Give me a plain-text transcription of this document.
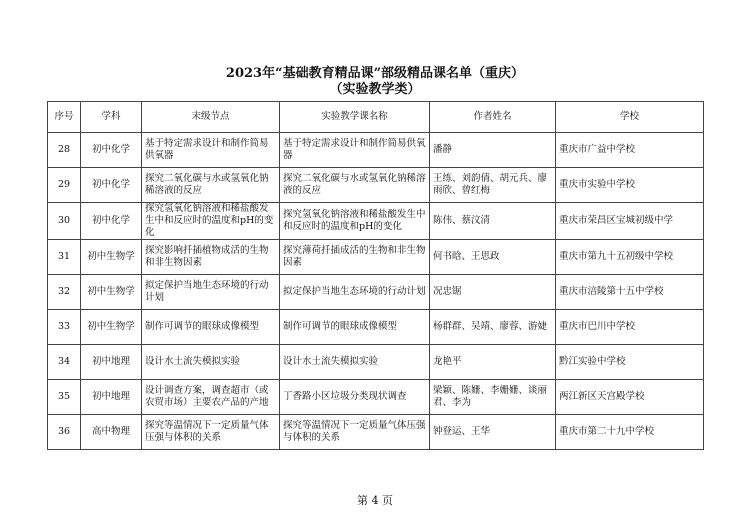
2023年“基础教育精品课”部级精品课名单（重庆）
（实验教学类）
序号	学科	末级节点	实验教学课名称	作者姓名	学校
28	初中化学	基于特定需求设计和制作简易供氧器	基于特定需求设计和制作简易供氧器	潘静	重庆市广益中学校
29	初中化学	探究二氧化碳与水或氢氧化钠稀溶液的反应	探究二氧化碳与水或氢氧化钠稀溶液的反应	王练、刘韵倩、胡元兵、廖雨欣、曾红梅	重庆市实验中学校
30	初中化学	探究氢氧化钠溶液和稀盐酸发生中和反应时的温度和pH的变化	探究氢氧化钠溶液和稀盐酸发生中和反应时的温度和pH的变化	陈伟、蔡汶清	重庆市荣昌区宝城初级中学
31	初中生物学	探究影响扦插植物成活的生物和非生物因素	探究薄荷扦插成活的生物和非生物因素	何书晗、王思政	重庆市第九十五初级中学校
32	初中生物学	拟定保护当地生态环境的行动计划	拟定保护当地生态环境的行动计划	况忠锯	重庆市涪陵第十五中学校
33	初中生物学	制作可调节的眼球成像模型	制作可调节的眼球成像模型	杨群群、吴靖、廖蓉、游婕	重庆市巴川中学校
34	初中地理	设计水土流失模拟实验	设计水土流失模拟实验	龙艳平	黔江实验中学校
35	初中地理	设计调查方案，调查超市（或农贸市场）主要农产品的产地	丁香路小区垃圾分类现状调查	梁颖、陈姗、李姗姗、谈丽君、李为	两江新区天宫殿学校
36	高中物理	探究等温情况下一定质量气体压强与体积的关系	探究等温情况下一定质量气体压强与体积的关系	钟登运、王华	重庆市第二十九中学校
第 4 页
